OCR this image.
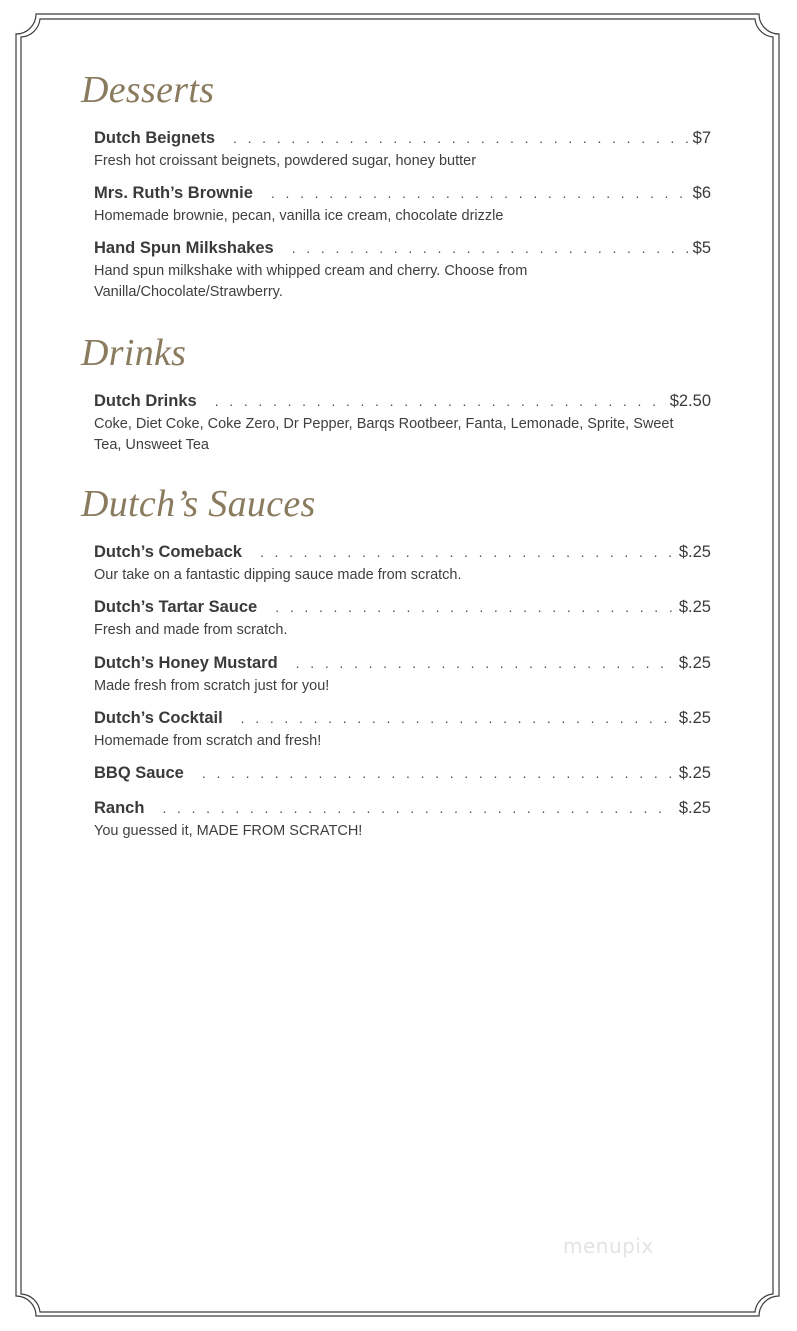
Desserts
Dutch Beignets . . .	$7
Fresh hot croissant beignets, powdered sugar, honey butter
Mrs. Ruth’s Brownie . . .	$6
Homemade brownie, pecan, vanilla ice cream, chocolate drizzle
Hand Spun Milkshakes . . .	$5
Hand spun milkshake with whipped cream and cherry. Choose from Vanilla/Chocolate/Strawberry.
Drinks
Dutch Drinks . . .	$2.50
Coke, Diet Coke, Coke Zero, Dr Pepper, Barqs Rootbeer, Fanta, Lemonade, Sprite, Sweet Tea, Unsweet Tea
Dutch’s Sauces
Dutch’s Comeback . . .	$.25
Our take on a fantastic dipping sauce made from scratch.
Dutch’s Tartar Sauce . . .	$.25
Fresh and made from scratch.
Dutch’s Honey Mustard . . .	$.25
Made fresh from scratch just for you!
Dutch’s Cocktail . . .	$.25
Homemade from scratch and fresh!
BBQ Sauce . . .	$.25
Ranch . . .	$.25
You guessed it, MADE FROM SCRATCH!
menupix
